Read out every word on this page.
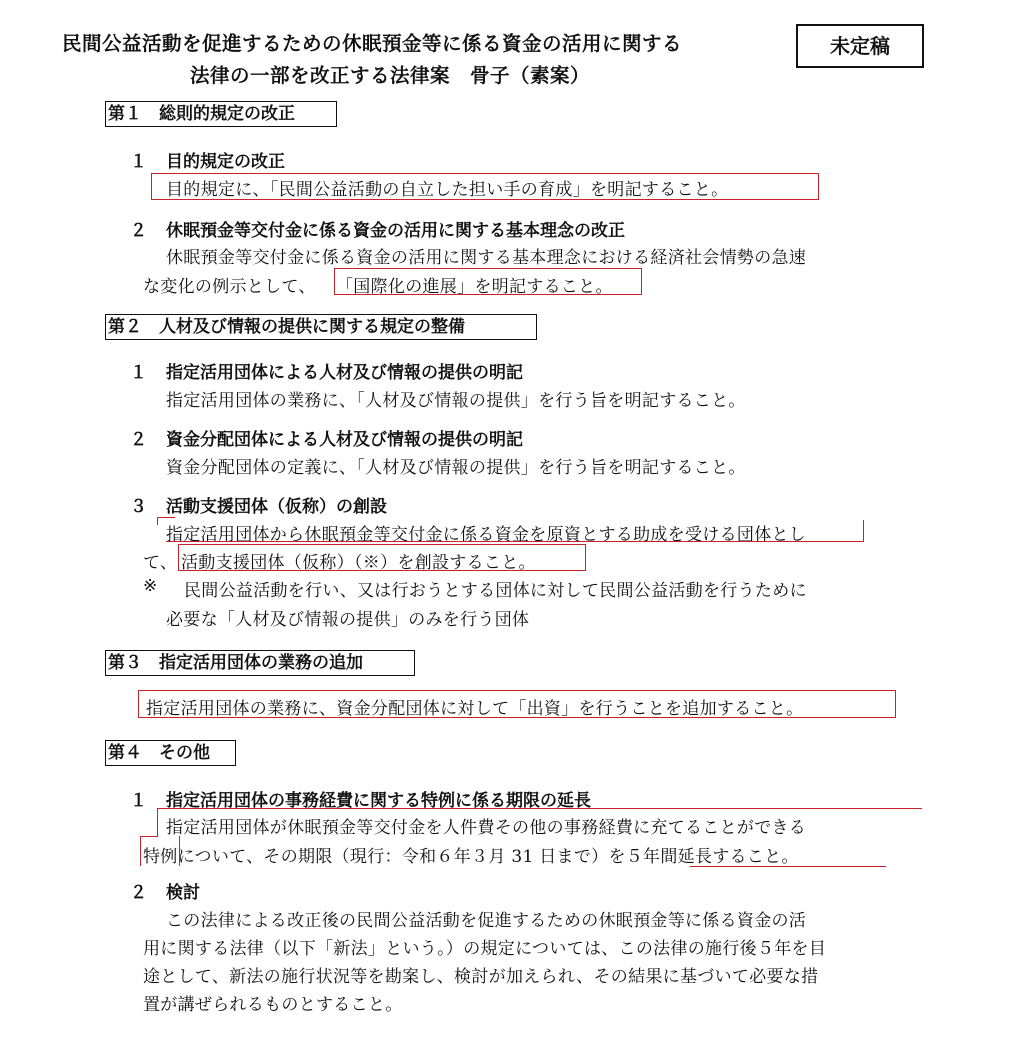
民間公益活動を促進するための休眠預金等に係る資金の活用に関する
法律の一部を改正する法律案　骨子（素案）
未定稿
第１　総則的規定の改正
１ 目的規定の改正
目的規定に、「民間公益活動の自立した担い手の育成」を明記すること。
２ 休眠預金等交付金に係る資金の活用に関する基本理念の改正
休眠預金等交付金に係る資金の活用に関する基本理念における経済社会情勢の急速
な変化の例示として、 「国際化の進展」を明記すること。
第２　人材及び情報の提供に関する規定の整備
１ 指定活用団体による人材及び情報の提供の明記
指定活用団体の業務に、「人材及び情報の提供」を行う旨を明記すること。
２ 資金分配団体による人材及び情報の提供の明記
資金分配団体の定義に、「人材及び情報の提供」を行う旨を明記すること。
３ 活動支援団体（仮称）の創設
指定活用団体から休眠預金等交付金に係る資金を原資とする助成を受ける団体とし
て、 活動支援団体（仮称）（※）を創設すること。
※ 民間公益活動を行い、又は行おうとする団体に対して民間公益活動を行うために
必要な「人材及び情報の提供」のみを行う団体
第３　指定活用団体の業務の追加
指定活用団体の業務に、資金分配団体に対して「出資」を行うことを追加すること。
第４　その他
１ 指定活用団体の事務経費に関する特例に係る期限の延長
指定活用団体が休眠預金等交付金を人件費その他の事務経費に充てることができる
特例について、その期限（現行：令和６年３月 31 日まで）を５年間延長すること。
２ 検討
この法律による改正後の民間公益活動を促進するための休眠預金等に係る資金の活
用に関する法律（以下「新法」という。）の規定については、この法律の施行後５年を目
途として、新法の施行状況等を勘案し、検討が加えられ、その結果に基づいて必要な措
置が講ぜられるものとすること。
